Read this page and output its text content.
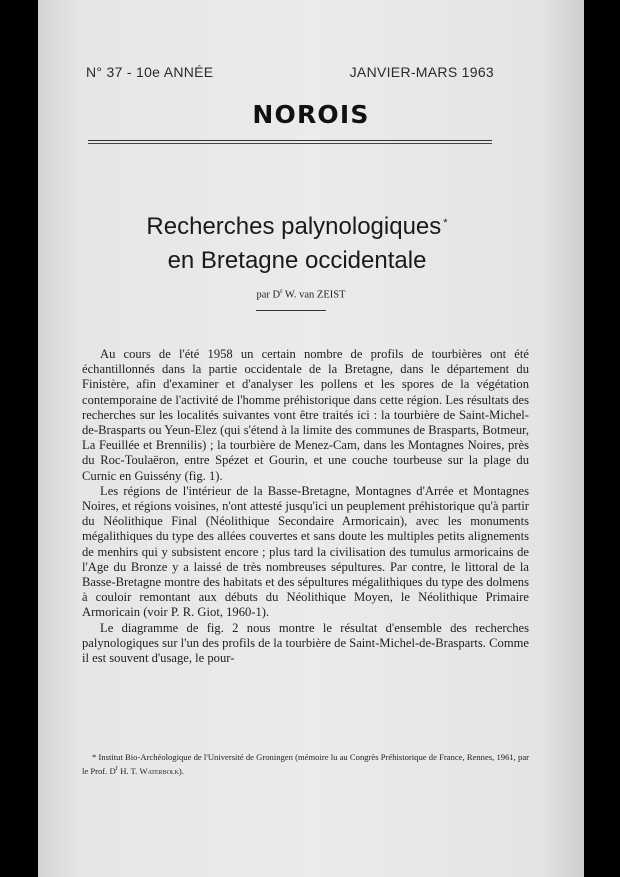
N° 37 - 10e ANNÉE	JANVIER-MARS 1963
NOROIS
Recherches palynologiques *
en Bretagne occidentale
par $D^r$ W. van ZEIST

Au cours de l'été 1958 un certain nombre de profils de tourbières ont été échantillonnés dans la partie occidentale de la Bretagne, dans le département du Finistère, afin d'examiner et d'analyser les pollens et les spores de la végétation contemporaine de l'activité de l'homme préhistorique dans cette région. Les résultats des recherches sur les localités suivantes vont être traités ici : la tourbière de Saint-Michel-de-Brasparts ou Yeun-Elez (qui s'étend à la limite des communes de Brasparts, Botmeur, La Feuillée et Brennilis) ; la tourbière de Menez-Cam, dans les Montagnes Noires, près du Roc-Toulaëron, entre Spézet et Gourin, et une couche tourbeuse sur la plage du Curnic en Guissény (fig. 1).

Les régions de l'intérieur de la Basse-Bretagne, Montagnes d'Arrée et Montagnes Noires, et régions voisines, n'ont attesté jusqu'ici un peuplement préhistorique qu'à partir du Néolithique Final (Néolithique Secondaire Armoricain), avec les monuments mégalithiques du type des allées couvertes et sans doute les multiples petits alignements de menhirs qui y subsistent encore ; plus tard la civilisation des tumulus armoricains de l'Age du Bronze y a laissé de très nombreuses sépultures. Par contre, le littoral de la Basse-Bretagne montre des habitats et des sépultures mégalithiques du type des dolmens à couloir remontant aux débuts du Néolithique Moyen, le Néolithique Primaire Armoricain (voir P. R. Giot, 1960-1).

Le diagramme de fig. 2 nous montre le résultat d'ensemble des recherches palynologiques sur l'un des profils de la tourbière de Saint-Michel-de-Brasparts. Comme il est souvent d'usage, le pour-

* Institut Bio-Archéologique de l'Université de Groningen (mémoire lu au Congrès Préhistorique de France, Rennes, 1961, par le Prof. $D^r$ H. T. Waterbolk).
